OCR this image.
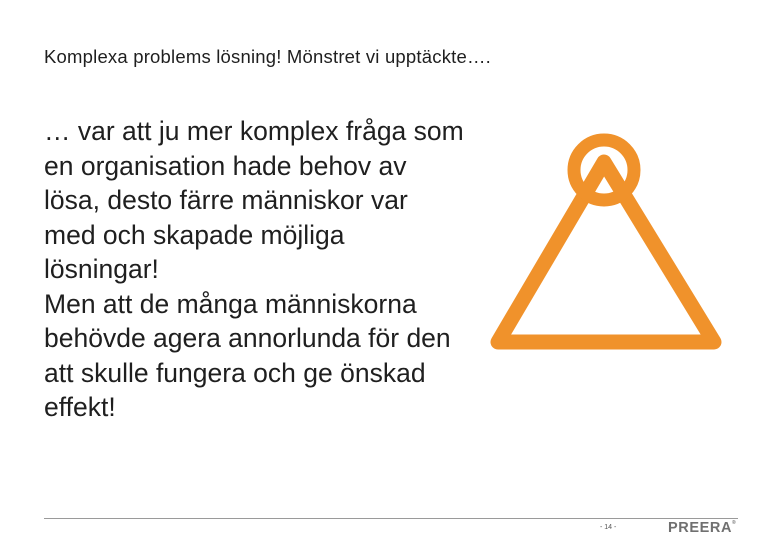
Komplexa problems lösning! Mönstret vi upptäckte….

… var att ju mer komplex fråga som en organisation hade behov av lösa, desto färre människor var med och skapade möjliga lösningar!

Men att de många människorna behövde agera annorlunda för den att skulle fungera och ge önskad effekt!

- 14 -	PREERA®
